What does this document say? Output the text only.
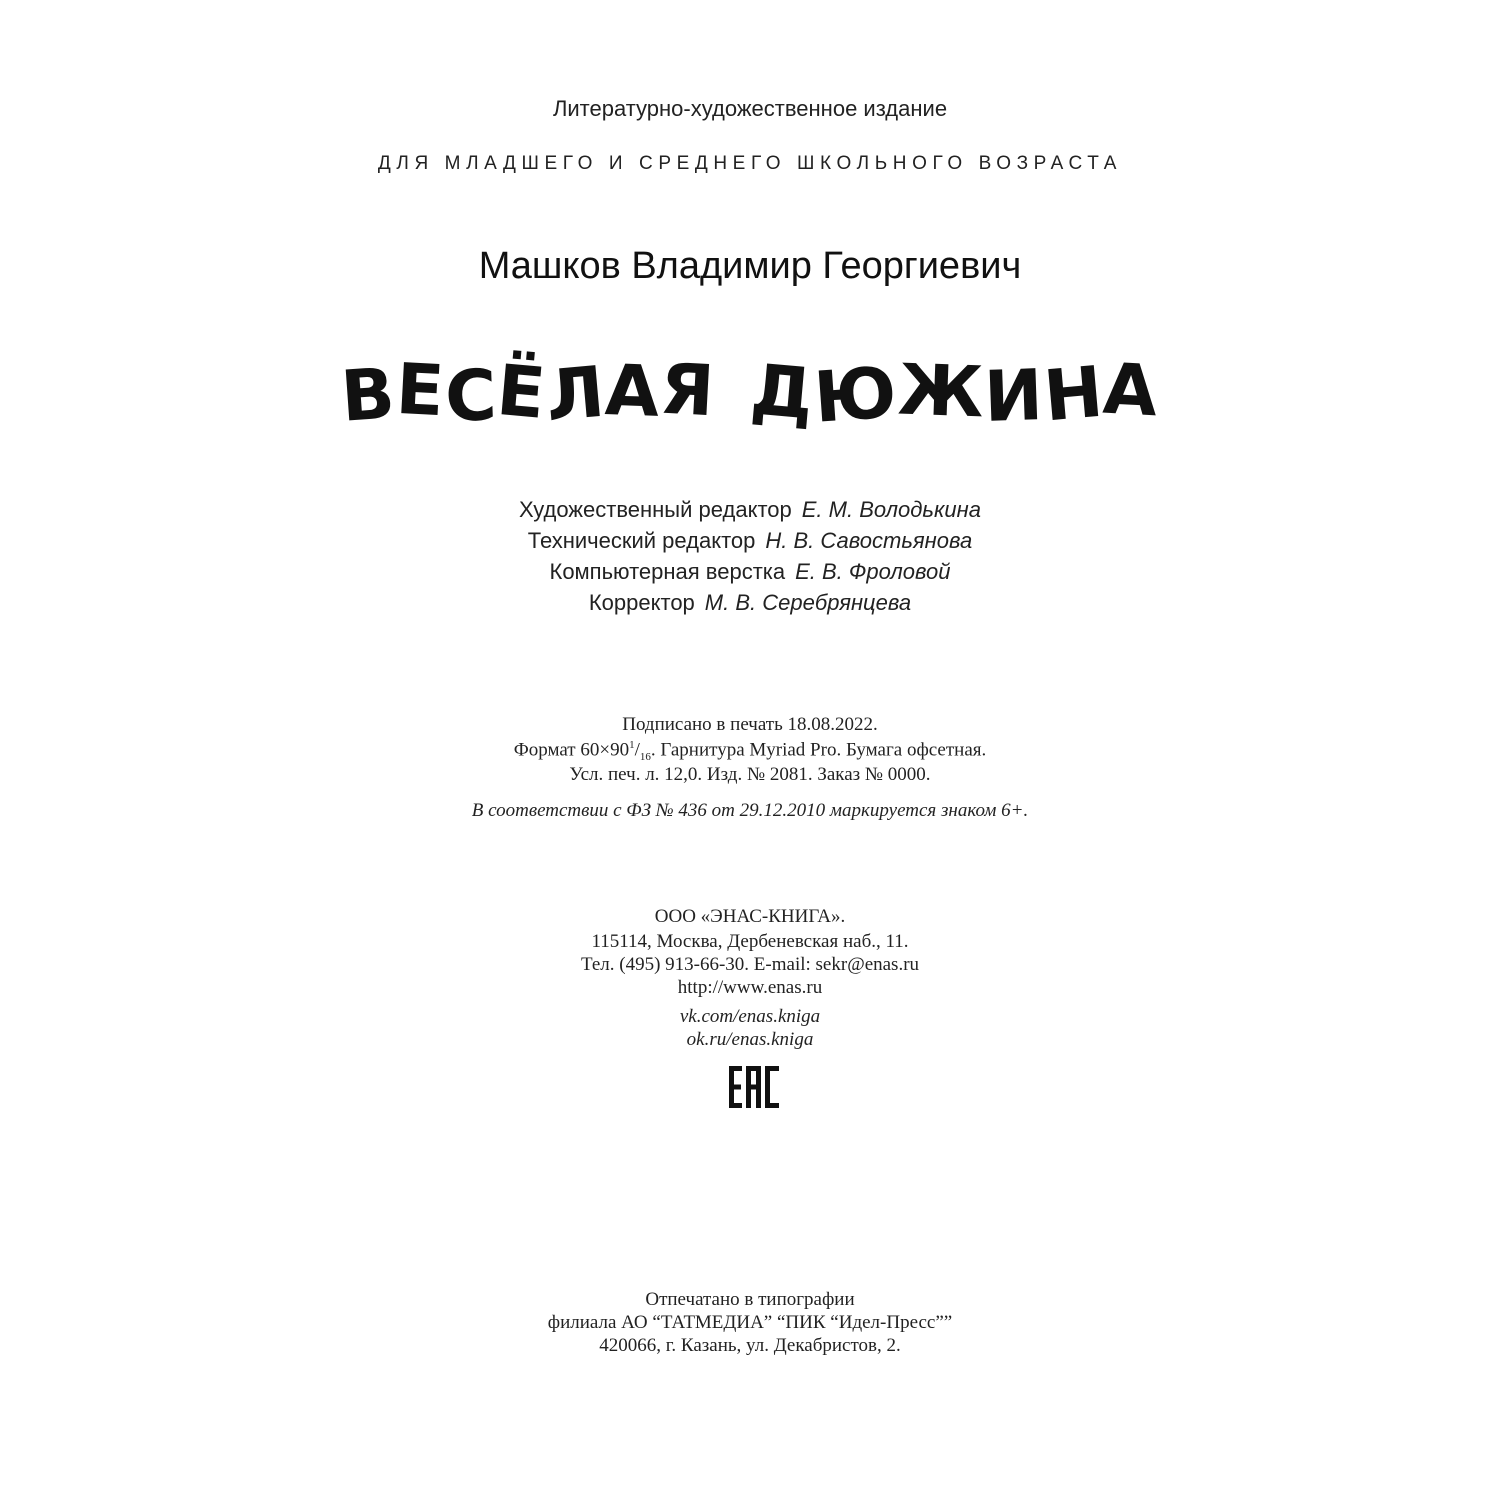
Литературно-художественное издание
ДЛЯ МЛАДШЕГО И СРЕДНЕГО ШКОЛЬНОГО ВОЗРАСТА
Машков Владимир Георгиевич
ВЕСЁЛАЯ ДЮЖИНА
Художественный редактор Е. М. Володькина
Технический редактор Н. В. Савостьянова
Компьютерная верстка Е. В. Фроловой
Корректор М. В. Серебрянцева
Подписано в печать 18.08.2022.
Формат $60\times 90^1/_{16}$. Гарнитура Myriad Pro. Бумага офсетная.
Усл. печ. л. 12,0. Изд. № 2081. Заказ № 0000.
В соответствии с ФЗ № 436 от 29.12.2010 маркируется знаком 6+.
ООО «ЭНАС-КНИГА».
115114, Москва, Дербеневская наб., 11.
Тел. (495) 913-66-30. E-mail: sekr@enas.ru
http://www.enas.ru
vk.com/enas.kniga
ok.ru/enas.kniga
Отпечатано в типографии
филиала АО “ТАТМЕДИА” “ПИК “Идел-Пресс””
420066, г. Казань, ул. Декабристов, 2.
